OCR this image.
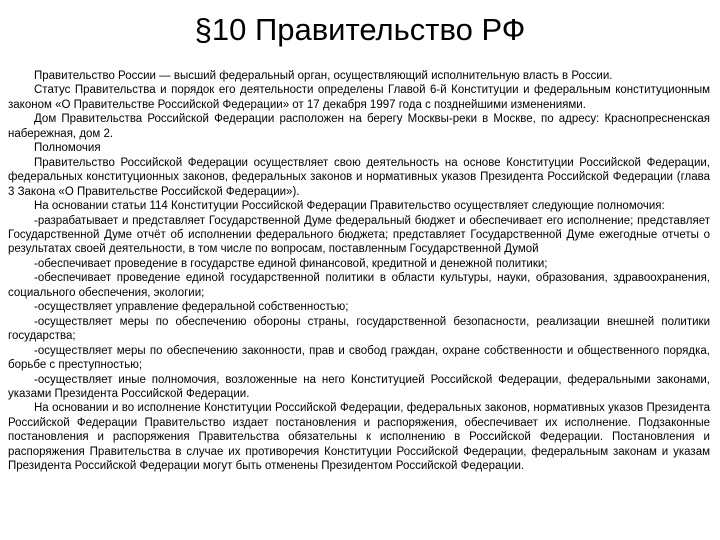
§10 Правительство РФ

Правительство России — высший федеральный орган, осуществляющий исполнительную власть в России.

Статус Правительства и порядок его деятельности определены Главой 6-й Конституции и федеральным конституционным законом «О Правительстве Российской Федерации» от 17 декабря 1997 года с позднейшими изменениями.

Дом Правительства Российской Федерации расположен на берегу Москвы-реки в Москве, по адресу: Краснопресненская набережная, дом 2.

Полномочия

Правительство Российской Федерации осуществляет свою деятельность на основе Конституции Российской Федерации, федеральных конституционных законов, федеральных законов и нормативных указов Президента Российской Федерации (глава 3 Закона «О Правительстве Российской Федерации»).

На основании статьи 114 Конституции Российской Федерации Правительство осуществляет следующие полномочия:

-разрабатывает и представляет Государственной Думе федеральный бюджет и обеспечивает его исполнение; представляет Государственной Думе отчёт об исполнении федерального бюджета; представляет Государственной Думе ежегодные отчеты о результатах своей деятельности, в том числе по вопросам, поставленным Государственной Думой

-обеспечивает проведение в государстве единой финансовой, кредитной и денежной политики;

-обеспечивает проведение единой государственной политики в области культуры, науки, образования, здравоохранения, социального обеспечения, экологии;

-осуществляет управление федеральной собственностью;

-осуществляет меры по обеспечению обороны страны, государственной безопасности, реализации внешней политики государства;

-осуществляет меры по обеспечению законности, прав и свобод граждан, охране собственности и общественного порядка, борьбе с преступностью;

-осуществляет иные полномочия, возложенные на него Конституцией Российской Федерации, федеральными законами, указами Президента Российской Федерации.

На основании и во исполнение Конституции Российской Федерации, федеральных законов, нормативных указов Президента Российской Федерации Правительство издает постановления и распоряжения, обеспечивает их исполнение. Подзаконные постановления и распоряжения Правительства обязательны к исполнению в Российской Федерации. Постановления и распоряжения Правительства в случае их противоречия Конституции Российской Федерации, федеральным законам и указам Президента Российской Федерации могут быть отменены Президентом Российской Федерации.
